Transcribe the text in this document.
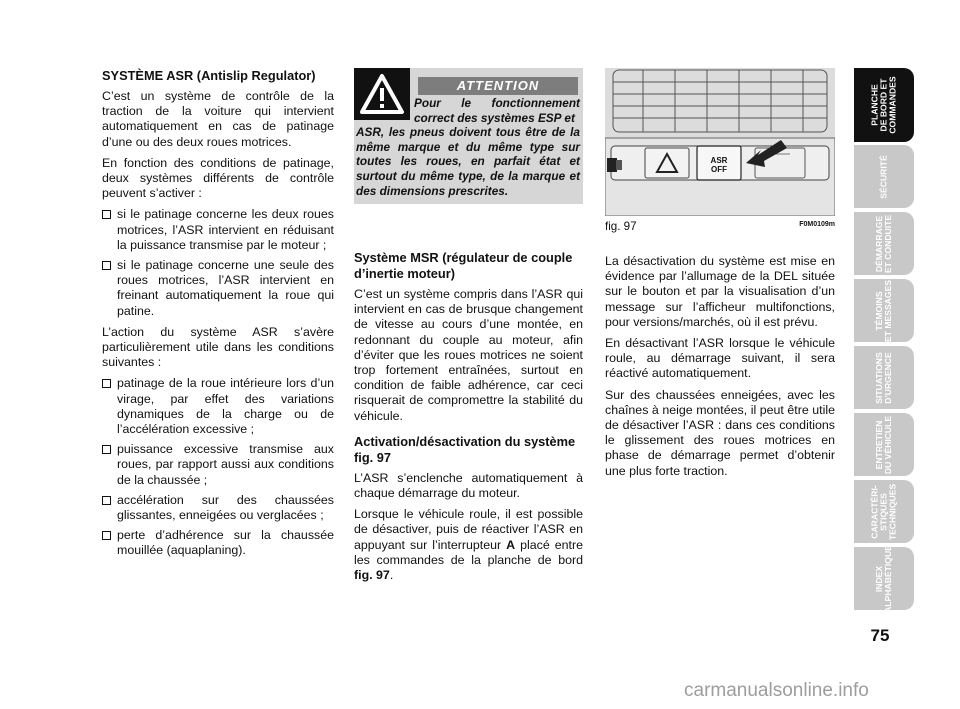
SYSTÈME ASR (Antislip Regulator)

C’est un système de contrôle de la traction de la voiture qui intervient automatiquement en cas de patinage d’une ou des deux roues motrices.

En fonction des conditions de patinage, deux systèmes différents de contrôle peuvent s’activer :

si le patinage concerne les deux roues motrices, l’ASR intervient en réduisant la puissance transmise par le moteur ;
si le patinage concerne une seule des roues motrices, l’ASR intervient en freinant automatiquement la roue qui patine.

L’action du système ASR s’avère particulièrement utile dans les conditions suivantes :

patinage de la roue intérieure lors d’un virage, par effet des variations dynamiques de la charge ou de l’accélération excessive ;
puissance excessive transmise aux roues, par rapport aussi aux conditions de la chaussée ;
accélération sur des chaussées glissantes, enneigées ou verglacées ;
perte d’adhérence sur la chaussée mouillée (aquaplaning).
ATTENTION
Pour le fonctionnement correct des systèmes ESP et
ASR, les pneus doivent tous être de la même marque et du même type sur toutes les roues, en parfait état et surtout du même type, de la marque et des dimensions prescrites.
Système MSR (régulateur de couple d’inertie moteur)

C’est un système compris dans l’ASR qui intervient en cas de brusque changement de vitesse au cours d’une montée, en redonnant du couple au moteur, afin d’éviter que les roues motrices ne soient trop fortement entraînées, surtout en condition de faible adhérence, car ceci risquerait de compromettre la stabilité du véhicule.

Activation/désactivation du système fig. 97

L’ASR s’enclenche automatiquement à chaque démarrage du moteur.

Lorsque le véhicule roule, il est possible de désactiver, puis de réactiver l’ASR en appuyant sur l’interrupteur A placé entre les commandes de la planche de bord fig. 97.

ASR
OFF
fig. 97	F0M0109m

La désactivation du système est mise en évidence par l’allumage de la DEL située sur le bouton et par la visualisation d’un message sur l’afficheur multifonctions, pour versions/marchés, où il est prévu.

En désactivant l’ASR lorsque le véhicule roule, au démarrage suivant, il sera réactivé automatiquement.

Sur des chaussées enneigées, avec les chaînes à neige montées, il peut être utile de désactiver l’ASR : dans ces conditions le glissement des roues motrices en phase de démarrage permet d’obtenir une plus forte traction.

PLANCHE DE BORD ET COMMANDES
SÉCURITÉ
DÉMARRAGE ET CONDUITE
TÉMOINS ET MESSAGES
SITUATIONS D’URGENCE
ENTRETIEN DU VÉHICULE
CARACTÉRI- STIQUES TECHNIQUES
INDEX ALPHABÉTIQUE
75
carmanualsonline.info
